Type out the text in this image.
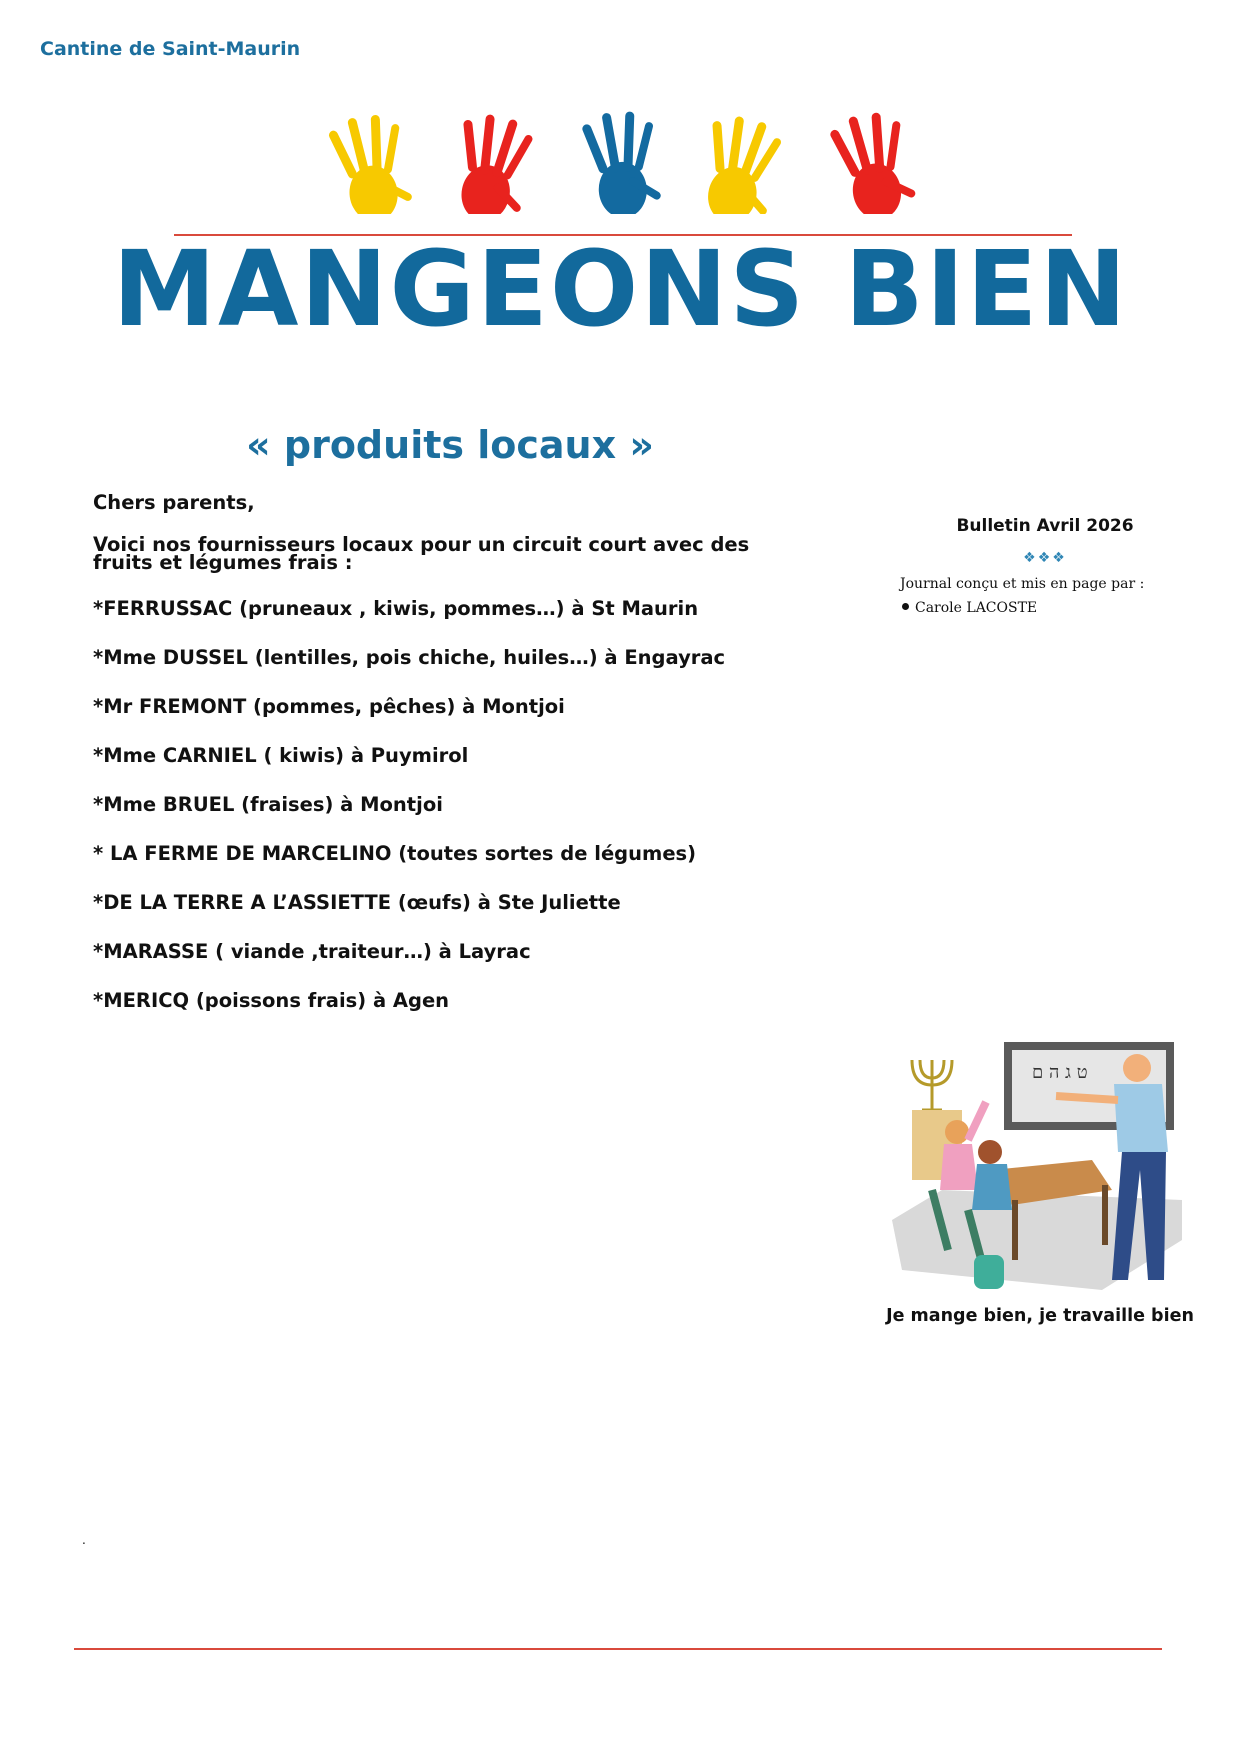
Cantine de Saint-Maurin
MANGEONS BIEN
« produits locaux »

Chers parents,

Voici nos fournisseurs locaux pour un circuit court avec des fruits et légumes frais :

*FERRUSSAC (pruneaux , kiwis, pommes…) à St Maurin

*Mme DUSSEL (lentilles, pois chiche, huiles…) à Engayrac

*Mr FREMONT (pommes, pêches) à Montjoi

*Mme CARNIEL ( kiwis) à Puymirol

*Mme BRUEL (fraises) à Montjoi

* LA FERME DE MARCELINO (toutes sortes de légumes)

*DE LA TERRE A L’ASSIETTE (œufs) à Ste Juliette

*MARASSE ( viande ,traiteur…) à Layrac

*MERICQ (poissons frais) à Agen

Bulletin Avril 2026
❖❖❖
Journal conçu et mis en page par :
Carole LACOSTE
ט ג ה ם
Je mange bien, je travaille bien
.
